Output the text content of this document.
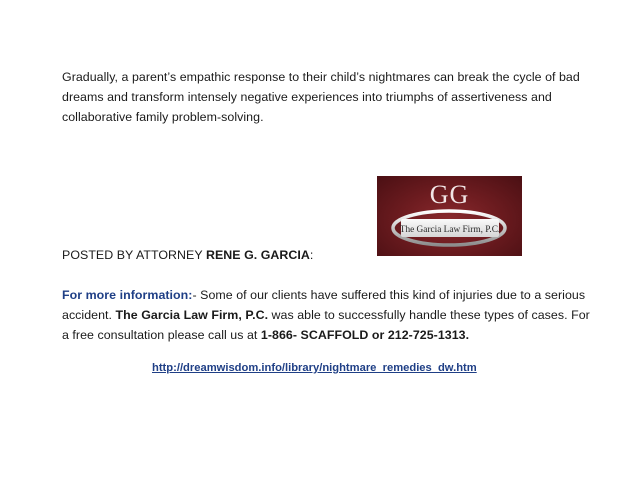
Gradually, a parent’s empathic response to their child’s nightmares can break the cycle of bad dreams and transform intensely negative experiences into triumphs of assertiveness and collaborative family problem-solving.
GG
The Garcia Law Firm, P.C.
POSTED BY ATTORNEY RENE G. GARCIA:
For more information:- Some of our clients have suffered this kind of injuries due to a serious accident. The Garcia Law Firm, P.C. was able to successfully handle these types of cases. For a free consultation please call us at 1-866- SCAFFOLD or 212-725-1313.
http://dreamwisdom.info/library/nightmare_remedies_dw.htm
